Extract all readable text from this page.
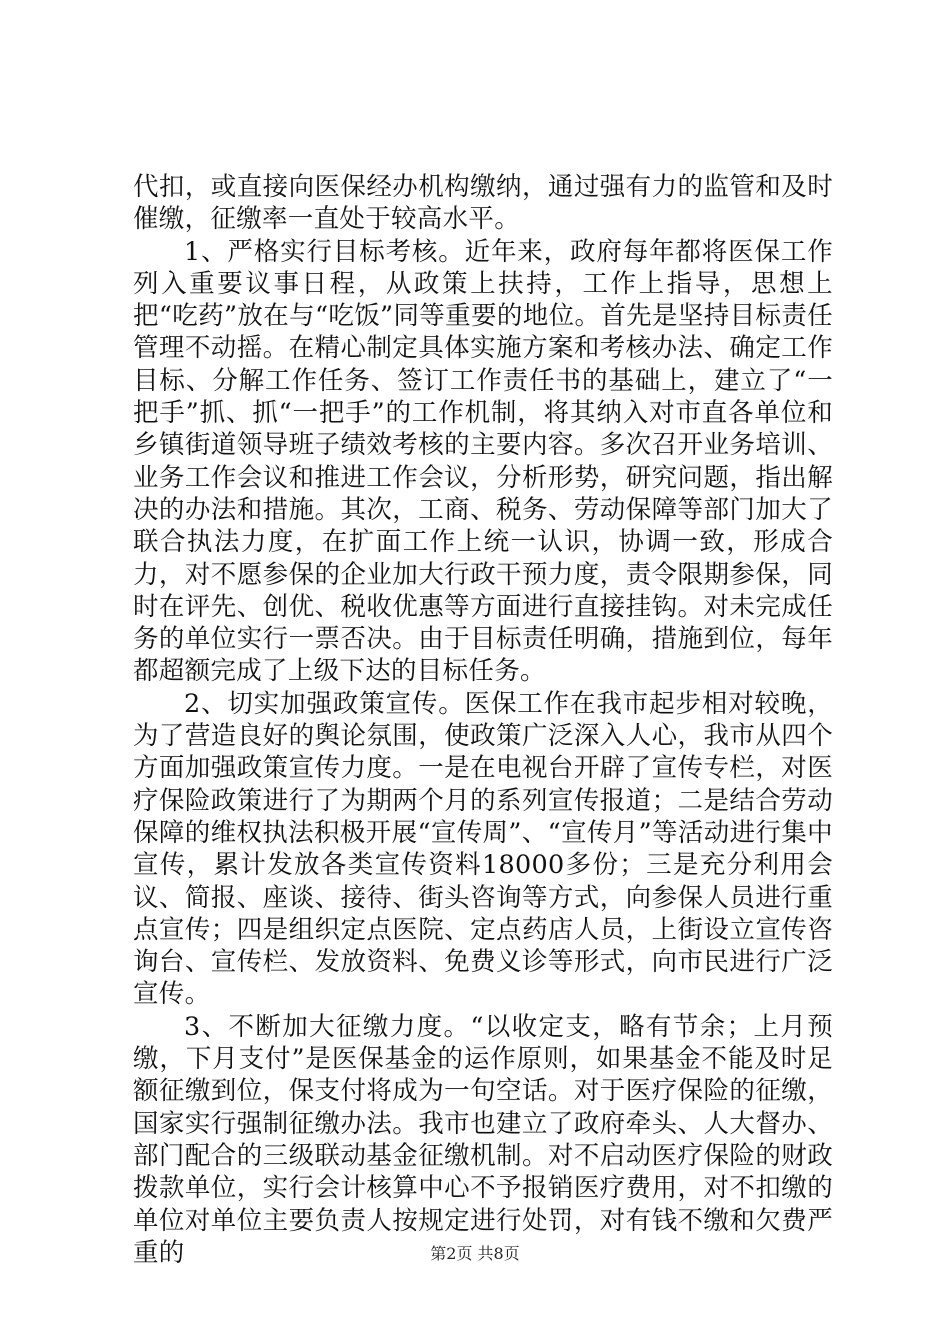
代扣，或直接向医保经办机构缴纳，通过强有力的监管和及时催缴，征缴率一直处于较高水平。

1、严格实行目标考核。近年来，政府每年都将医保工作列入重要议事日程，从政策上扶持，工作上指导，思想上把“吃药”放在与“吃饭”同等重要的地位。首先是坚持目标责任管理不动摇。在精心制定具体实施方案和考核办法、确定工作目标、分解工作任务、签订工作责任书的基础上，建立了“一把手”抓、抓“一把手”的工作机制，将其纳入对市直各单位和乡镇街道领导班子绩效考核的主要内容。多次召开业务培训、业务工作会议和推进工作会议，分析形势，研究问题，指出解决的办法和措施。其次，工商、税务、劳动保障等部门加大了联合执法力度，在扩面工作上统一认识，协调一致，形成合力，对不愿参保的企业加大行政干预力度，责令限期参保，同时在评先、创优、税收优惠等方面进行直接挂钩。对未完成任务的单位实行一票否决。由于目标责任明确，措施到位，每年都超额完成了上级下达的目标任务。

2、切实加强政策宣传。医保工作在我市起步相对较晚，为了营造良好的舆论氛围，使政策广泛深入人心，我市从四个方面加强政策宣传力度。一是在电视台开辟了宣传专栏，对医疗保险政策进行了为期两个月的系列宣传报道；二是结合劳动保障的维权执法积极开展“宣传周”、“宣传月”等活动进行集中宣传，累计发放各类宣传资料18000多份；三是充分利用会议、简报、座谈、接待、街头咨询等方式，向参保人员进行重点宣传；四是组织定点医院、定点药店人员，上街设立宣传咨询台、宣传栏、发放资料、免费义诊等形式，向市民进行广泛宣传。

3、不断加大征缴力度。“以收定支，略有节余；上月预缴，下月支付”是医保基金的运作原则，如果基金不能及时足额征缴到位，保支付将成为一句空话。对于医疗保险的征缴，国家实行强制征缴办法。我市也建立了政府牵头、人大督办、部门配合的三级联动基金征缴机制。对不启动医疗保险的财政拨款单位，实行会计核算中心不予报销医疗费用，对不扣缴的单位对单位主要负责人按规定进行处罚，对有钱不缴和欠费严重的	第2页 共8页
